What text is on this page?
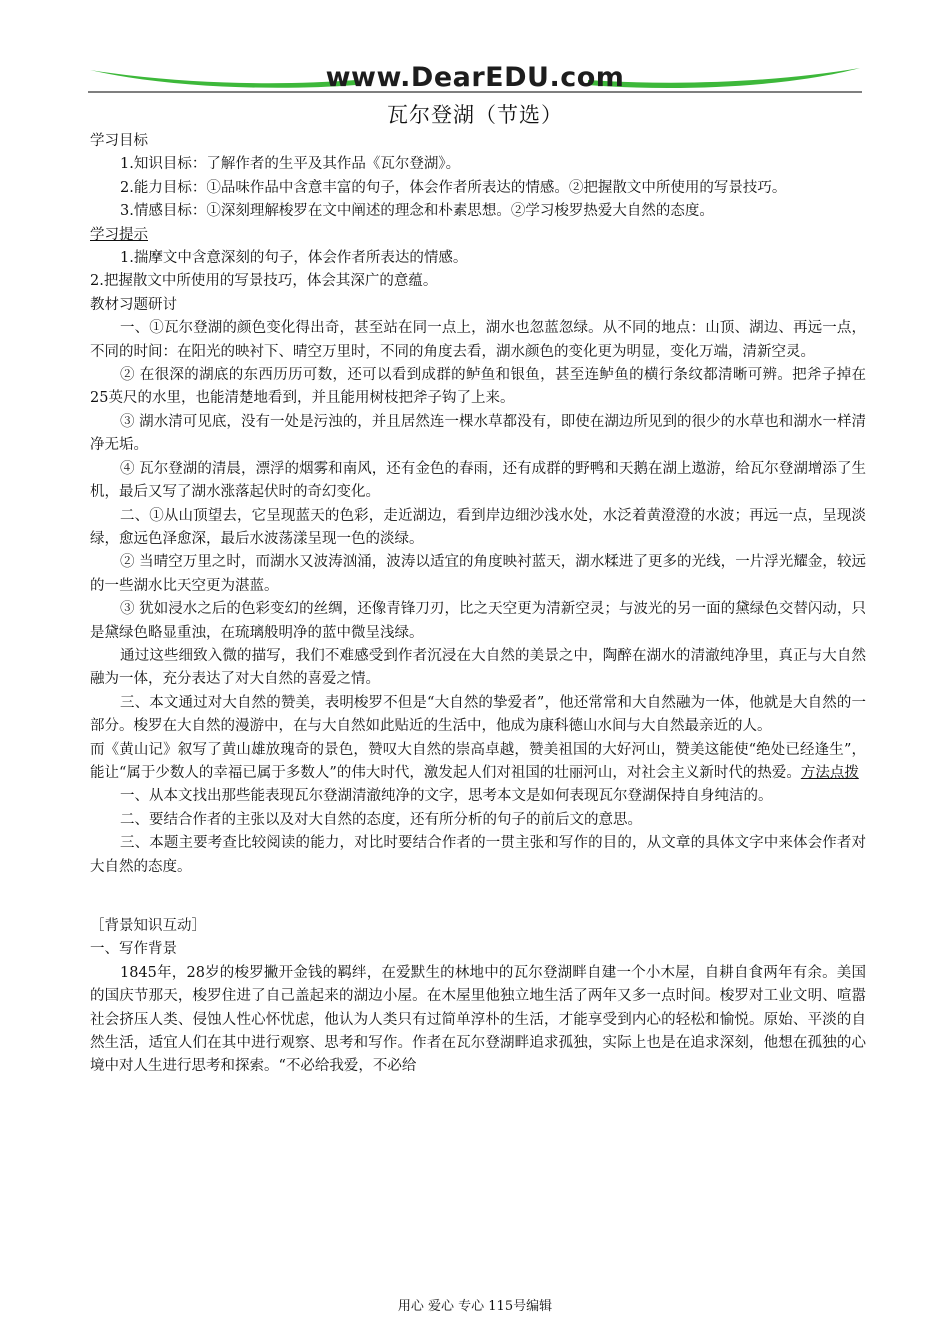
www.DearEDU.com
瓦尔登湖（节选）

学习目标

1.知识目标：了解作者的生平及其作品《瓦尔登湖》。

2.能力目标：①品味作品中含意丰富的句子，体会作者所表达的情感。②把握散文中所使用的写景技巧。

3.情感目标：①深刻理解梭罗在文中阐述的理念和朴素思想。②学习梭罗热爱大自然的态度。

学习提示 

1.揣摩文中含意深刻的句子，体会作者所表达的情感。

2.把握散文中所使用的写景技巧，体会其深广的意蕴。

教材习题研讨

一、①瓦尔登湖的颜色变化得出奇，甚至站在同一点上，湖水也忽蓝忽绿。从不同的地点：山顶、湖边、再远一点，不同的时间：在阳光的映衬下、晴空万里时，不同的角度去看，湖水颜色的变化更为明显，变化万端，清新空灵。

② 在很深的湖底的东西历历可数，还可以看到成群的鲈鱼和银鱼，甚至连鲈鱼的横行条纹都清晰可辨。把斧子掉在25英尺的水里，也能清楚地看到，并且能用树枝把斧子钩了上来。

③ 湖水清可见底，没有一处是污浊的，并且居然连一棵水草都没有，即使在湖边所见到的很少的水草也和湖水一样清净无垢。

④ 瓦尔登湖的清晨，漂浮的烟雾和南风，还有金色的春雨，还有成群的野鸭和天鹅在湖上遨游，给瓦尔登湖增添了生机，最后又写了湖水涨落起伏时的奇幻变化。

二、①从山顶望去，它呈现蓝天的色彩，走近湖边，看到岸边细沙浅水处，水泛着黄澄澄的水波；再远一点，呈现淡绿，愈远色泽愈深，最后水波荡漾呈现一色的淡绿。

② 当晴空万里之时，而湖水又波涛汹涌，波涛以适宜的角度映衬蓝天，湖水糅进了更多的光线，一片浮光耀金，较远的一些湖水比天空更为湛蓝。

③ 犹如浸水之后的色彩变幻的丝绸，还像青锋刀刃，比之天空更为清新空灵；与波光的另一面的黛绿色交替闪动，只是黛绿色略显重浊，在琉璃般明净的蓝中微呈浅绿。

通过这些细致入微的描写，我们不难感受到作者沉浸在大自然的美景之中，陶醉在湖水的清澈纯净里，真正与大自然融为一体，充分表达了对大自然的喜爱之情。

三、本文通过对大自然的赞美，表明梭罗不但是“大自然的挚爱者”，他还常常和大自然融为一体，他就是大自然的一部分。梭罗在大自然的漫游中，在与大自然如此贴近的生活中，他成为康科德山水间与大自然最亲近的人。

而《黄山记》叙写了黄山雄放瑰奇的景色，赞叹大自然的崇高卓越，赞美祖国的大好河山，赞美这能使“绝处已经逢生”，能让“属于少数人的幸福已属于多数人”的伟大时代，激发起人们对祖国的壮丽河山，对社会主义新时代的热爱。方法点拨

一、从本文找出那些能表现瓦尔登湖清澈纯净的文字，思考本文是如何表现瓦尔登湖保持自身纯洁的。

二、要结合作者的主张以及对大自然的态度，还有所分析的句子的前后文的意思。

三、本题主要考查比较阅读的能力，对比时要结合作者的一贯主张和写作的目的，从文章的具体文字中来体会作者对大自然的态度。

［背景知识互动］

一、写作背景

1845年，28岁的梭罗撇开金钱的羁绊，在爱默生的林地中的瓦尔登湖畔自建一个小木屋，自耕自食两年有余。美国的国庆节那天，梭罗住进了自己盖起来的湖边小屋。在木屋里他独立地生活了两年又多一点时间。梭罗对工业文明、喧嚣社会挤压人类、侵蚀人性心怀忧虑，他认为人类只有过简单淳朴的生活，才能享受到内心的轻松和愉悦。原始、平淡的自然生活，适宜人们在其中进行观察、思考和写作。作者在瓦尔登湖畔追求孤独，实际上也是在追求深刻，他想在孤独的心境中对人生进行思考和探索。“不必给我爱，不必给

用心 爱心 专心 115号编辑
